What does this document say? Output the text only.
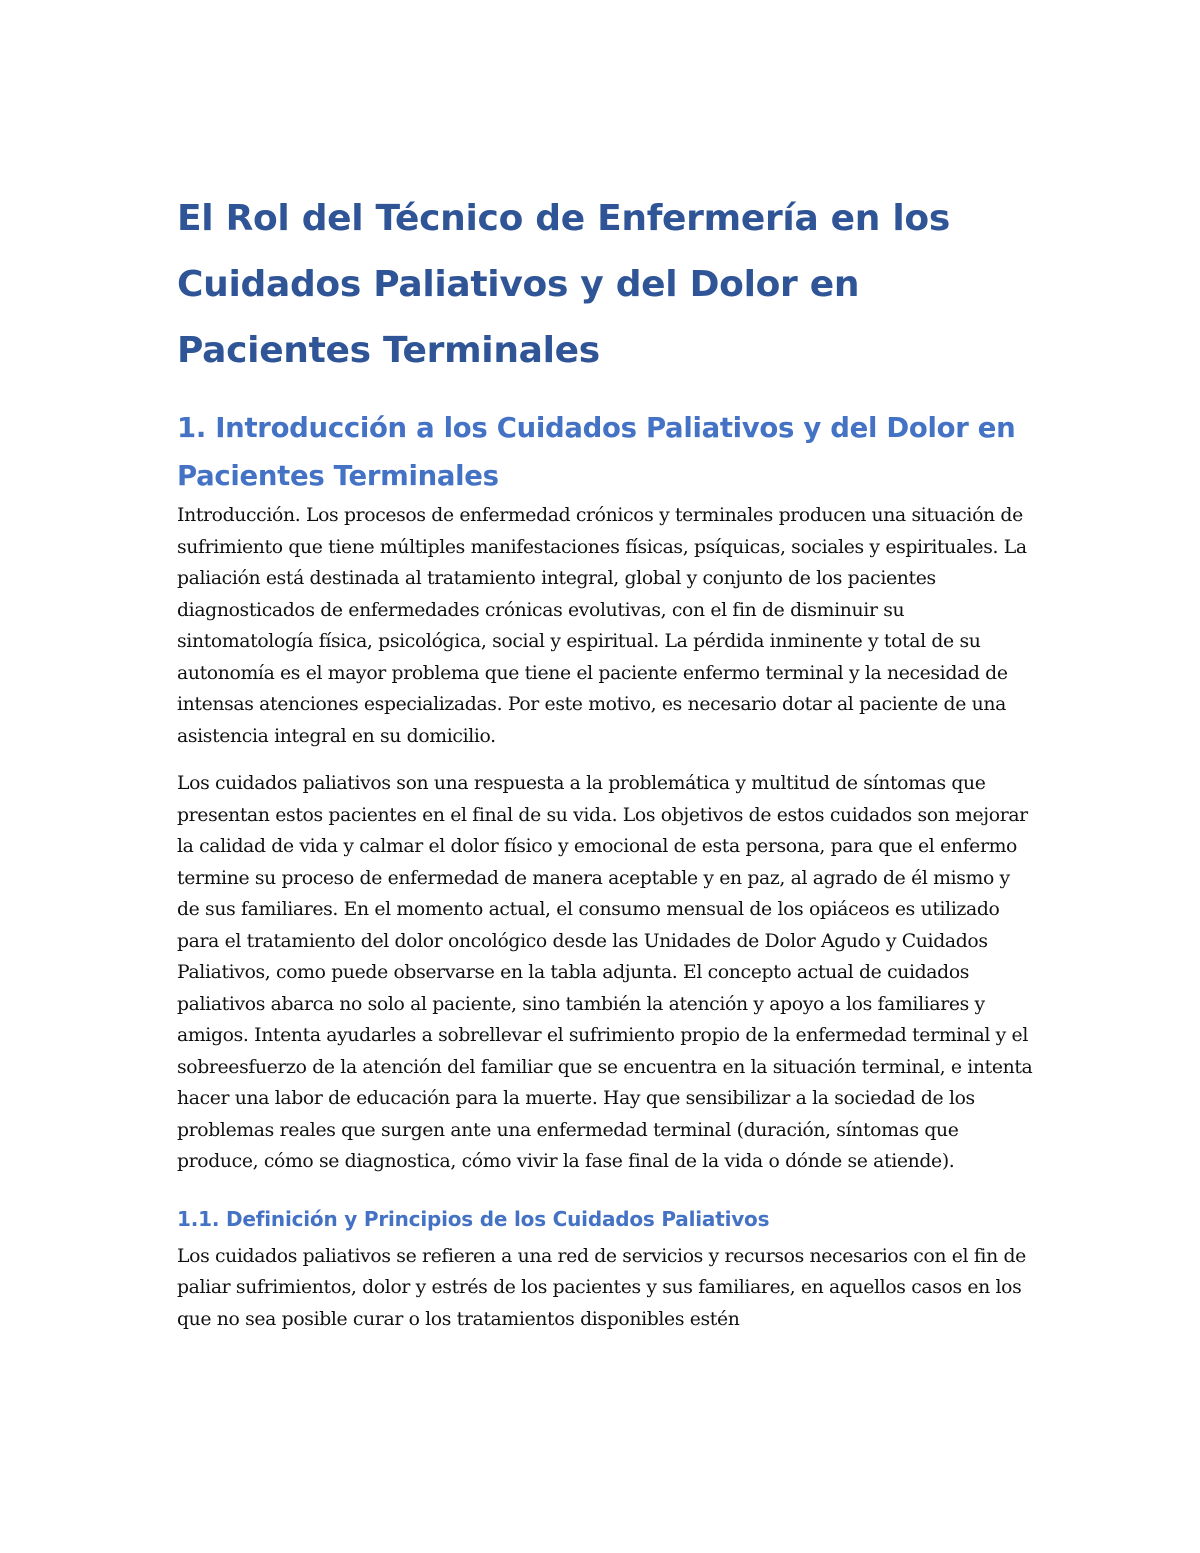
El Rol del Técnico de Enfermería en los Cuidados Paliativos y del Dolor en Pacientes Terminales
1. Introducción a los Cuidados Paliativos y del Dolor en Pacientes Terminales

Introducción. Los procesos de enfermedad crónicos y terminales producen una situación de sufrimiento que tiene múltiples manifestaciones físicas, psíquicas, sociales y espirituales. La paliación está destinada al tratamiento integral, global y conjunto de los pacientes diagnosticados de enfermedades crónicas evolutivas, con el fin de disminuir su sintomatología física, psicológica, social y espiritual. La pérdida inminente y total de su autonomía es el mayor problema que tiene el paciente enfermo terminal y la necesidad de intensas atenciones especializadas. Por este motivo, es necesario dotar al paciente de una asistencia integral en su domicilio.

Los cuidados paliativos son una respuesta a la problemática y multitud de síntomas que presentan estos pacientes en el final de su vida. Los objetivos de estos cuidados son mejorar la calidad de vida y calmar el dolor físico y emocional de esta persona, para que el enfermo termine su proceso de enfermedad de manera aceptable y en paz, al agrado de él mismo y de sus familiares. En el momento actual, el consumo mensual de los opiáceos es utilizado para el tratamiento del dolor oncológico desde las Unidades de Dolor Agudo y Cuidados Paliativos, como puede observarse en la tabla adjunta. El concepto actual de cuidados paliativos abarca no solo al paciente, sino también la atención y apoyo a los familiares y amigos. Intenta ayudarles a sobrellevar el sufrimiento propio de la enfermedad terminal y el sobreesfuerzo de la atención del familiar que se encuentra en la situación terminal, e intenta hacer una labor de educación para la muerte. Hay que sensibilizar a la sociedad de los problemas reales que surgen ante una enfermedad terminal (duración, síntomas que produce, cómo se diagnostica, cómo vivir la fase final de la vida o dónde se atiende).

1.1. Definición y Principios de los Cuidados Paliativos

Los cuidados paliativos se refieren a una red de servicios y recursos necesarios con el fin de paliar sufrimientos, dolor y estrés de los pacientes y sus familiares, en aquellos casos en los que no sea posible curar o los tratamientos disponibles estén
